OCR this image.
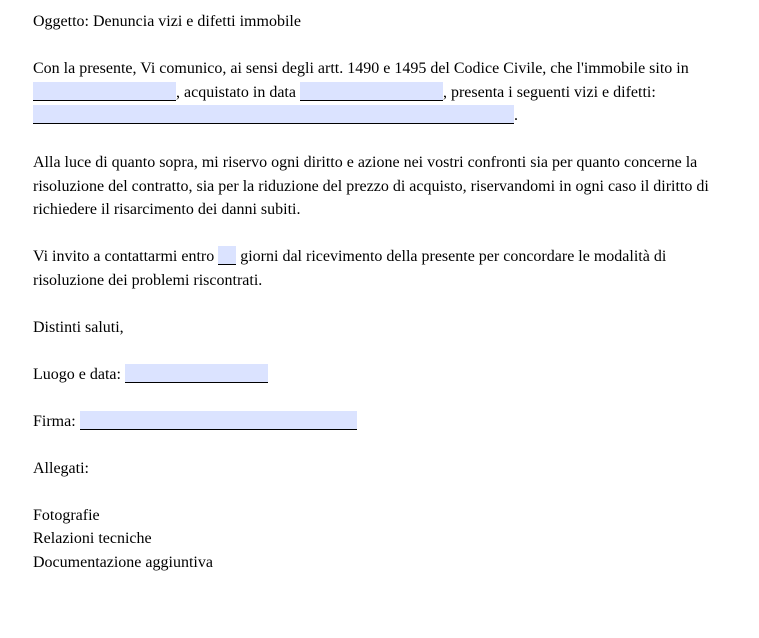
Oggetto: Denuncia vizi e difetti immobile

Con la presente, Vi comunico, ai sensi degli artt. 1490 e 1495 del Codice Civile, che l'immobile sito in , acquistato in data	, presenta i seguenti vizi e difetti: .

Alla luce di quanto sopra, mi riservo ogni diritto e azione nei vostri confronti sia per quanto concerne la risoluzione del contratto, sia per la riduzione del prezzo di acquisto, riservandomi in ogni caso il diritto di richiedere il risarcimento dei danni subiti.

Vi invito a contattarmi entro  giorni dal ricevimento della presente per concordare le modalità di risoluzione dei problemi riscontrati.

Distinti saluti,

Luogo e data:

Firma:

Allegati:

Fotografie

Relazioni tecniche

Documentazione aggiuntiva
